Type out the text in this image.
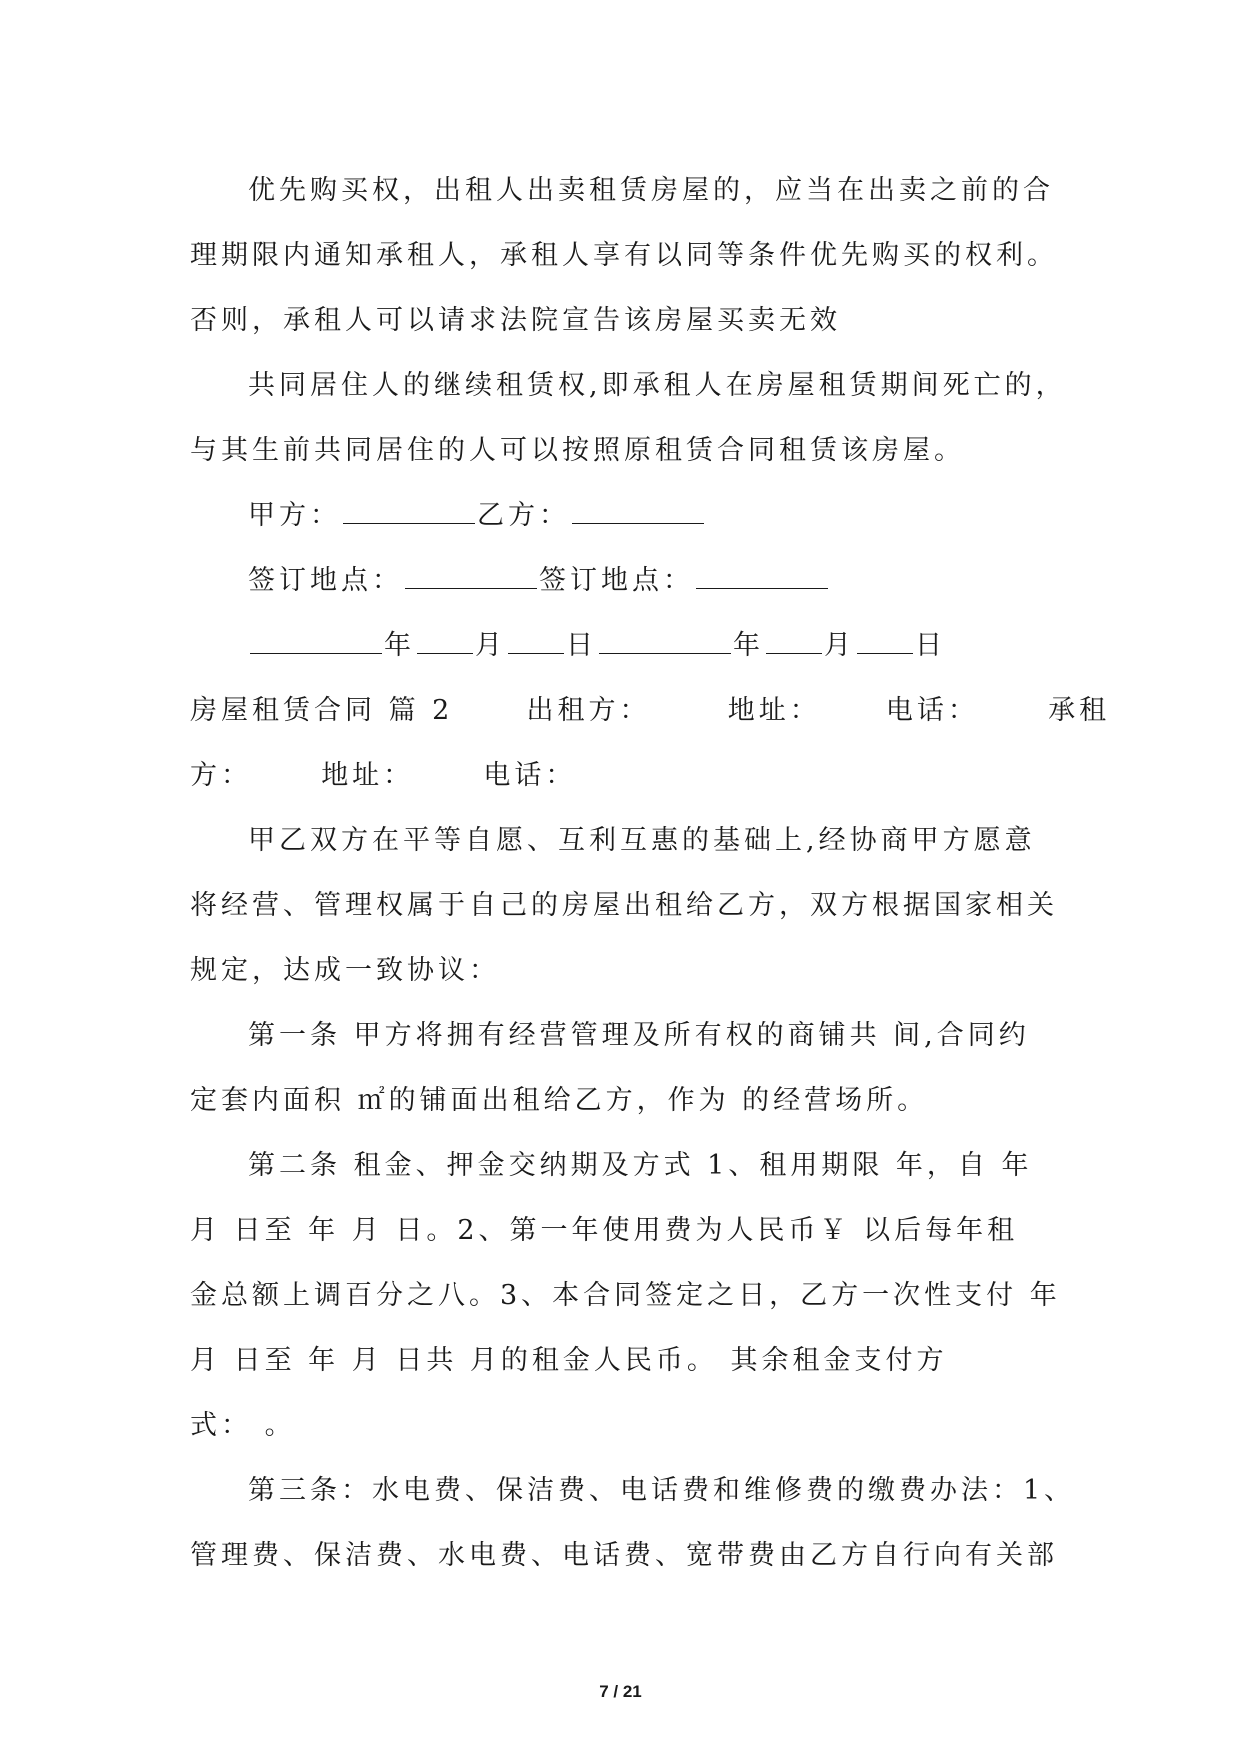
优先购买权，出租人出卖租赁房屋的，应当在出卖之前的合
理期限内通知承租人，承租人享有以同等条件优先购买的权利。
否则，承租人可以请求法院宣告该房屋买卖无效
共同居住人的继续租赁权,即承租人在房屋租赁期间死亡的，
与其生前共同居住的人可以按照原租赁合同租赁该房屋。
甲方：	乙方：
签订地点：	签订地点：
年 月 日	年 月 日
房屋租赁合同 篇 2	出租方：	地址： 电话：	承租
方：	地址：	电话：
甲乙双方在平等自愿、互利互惠的基础上,经协商甲方愿意
将经营、管理权属于自己的房屋出租给乙方，双方根据国家相关
规定，达成一致协议：
第一条 甲方将拥有经营管理及所有权的商铺共 间,合同约
定套内面积 ㎡的铺面出租给乙方，作为 的经营场所。
第二条 租金、押金交纳期及方式 1、租用期限 年，自 年
月 日至 年 月 日。2、第一年使用费为人民币￥ 以后每年租
金总额上调百分之八。3、本合同签定之日，乙方一次性支付 年
月 日至 年 月 日共 月的租金人民币。 其余租金支付方
式： 。
第三条：水电费、保洁费、电话费和维修费的缴费办法：1、
管理费、保洁费、水电费、电话费、宽带费由乙方自行向有关部
7 / 21
